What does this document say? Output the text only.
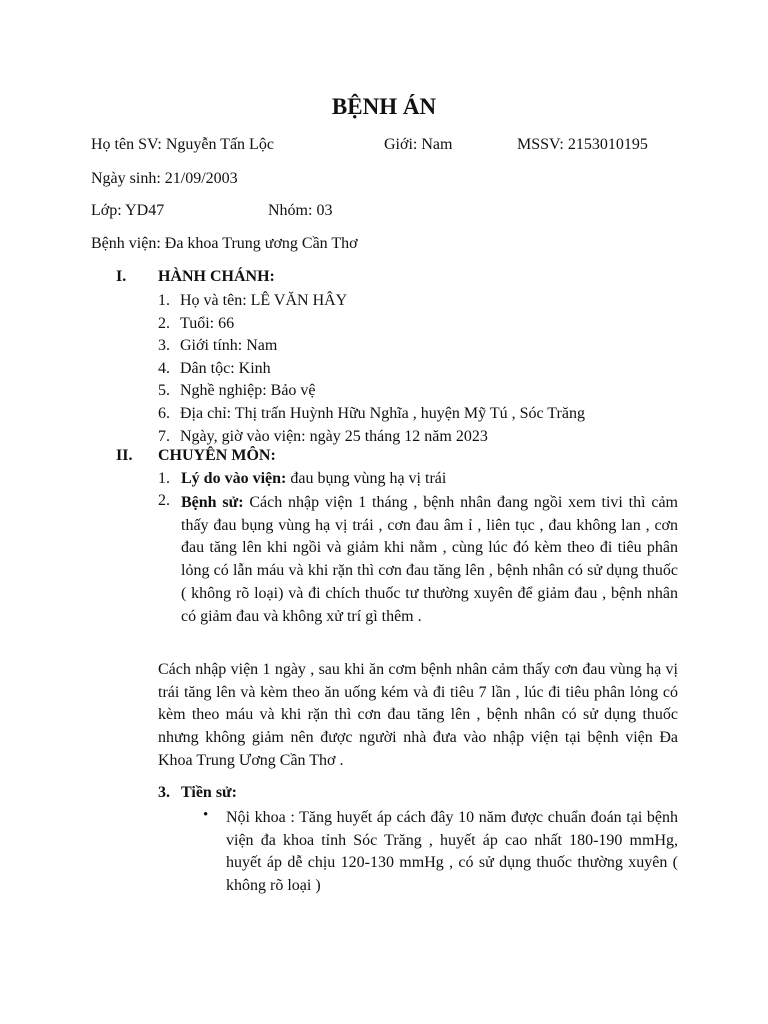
BỆNH ÁN
Họ tên SV: Nguyễn Tấn Lộc	Giới: Nam	MSSV: 2153010195
Ngày sinh: 21/09/2003
Lớp: YD47	Nhóm: 03
Bệnh viện: Đa khoa Trung ương Cần Thơ
I. HÀNH CHÁNH:
1. Họ và tên: LÊ VĂN HÂY
2. Tuổi: 66
3. Giới tính: Nam
4. Dân tộc: Kinh
5. Nghề nghiệp: Bảo vệ
6. Địa chỉ: Thị trấn Huỳnh Hữu Nghĩa , huyện Mỹ Tú , Sóc Trăng
7. Ngày, giờ vào viện: ngày 25 tháng 12 năm 2023
II. CHUYÊN MÔN:
1. Lý do vào viện: đau bụng vùng hạ vị trái
2. Bệnh sử: Cách nhập viện 1 tháng , bệnh nhân đang ngồi xem tivi thì cảm thấy đau bụng vùng hạ vị trái , cơn đau âm ỉ , liên tục , đau không lan , cơn đau tăng lên khi ngồi và giảm khi nằm , cùng lúc đó kèm theo đi tiêu phân lỏng có lẫn máu và khi rặn thì cơn đau tăng lên , bệnh nhân có sử dụng thuốc ( không rõ loại) và đi chích thuốc tư thường xuyên để giảm đau , bệnh nhân có giảm đau và không xử trí gì thêm .
Cách nhập viện 1 ngày , sau khi ăn cơm bệnh nhân cảm thấy cơn đau vùng hạ vị trái tăng lên và kèm theo ăn uống kém và đi tiêu 7 lần , lúc đi tiêu phân lỏng có kèm theo máu và khi rặn thì cơn đau tăng lên , bệnh nhân có sử dụng thuốc nhưng không giảm nên được người nhà đưa vào nhập viện tại bệnh viện Đa Khoa Trung Ương Cần Thơ .
3. Tiền sử:
• Nội khoa : Tăng huyết áp cách đây 10 năm được chuẩn đoán tại bệnh viện đa khoa tỉnh Sóc Trăng , huyết áp cao nhất 180-190 mmHg, huyết áp dễ chịu 120-130 mmHg , có sử dụng thuốc thường xuyên ( không rõ loại )
